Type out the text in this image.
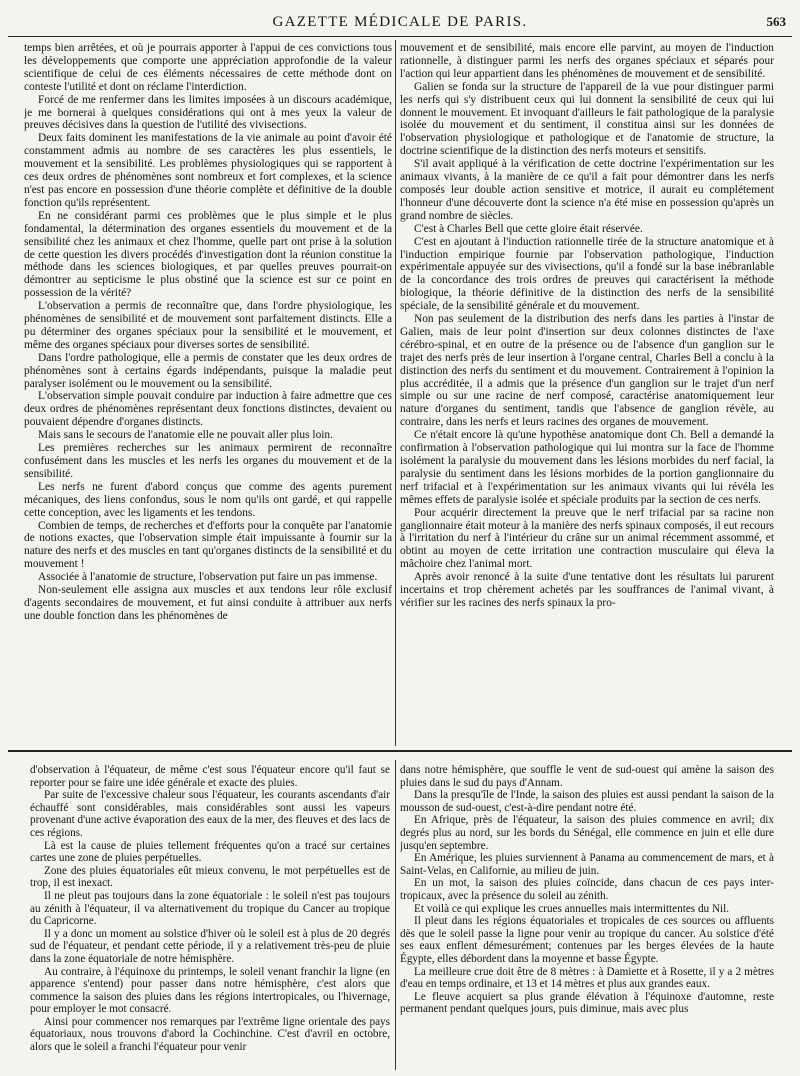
GAZETTE MÉDICALE DE PARIS.	563

temps bien arrêtées, et où je pourrais apporter à l'appui de ces convictions tous les développements que comporte une appréciation approfondie de la valeur scientifique de celui de ces éléments nécessaires de cette méthode dont on conteste l'utilité et dont on réclame l'interdiction.

Forcé de me renfermer dans les limites imposées à un discours académique, je me bornerai à quelques considérations qui ont à mes yeux la valeur de preuves décisives dans la question de l'utilité des vivisections.

Deux faits dominent les manifestations de la vie animale au point d'avoir été constamment admis au nombre de ses caractères les plus essentiels, le mouvement et la sensibilité. Les problèmes physiologiques qui se rapportent à ces deux ordres de phénomènes sont nombreux et fort complexes, et la science n'est pas encore en possession d'une théorie complète et définitive de la double fonction qu'ils représentent.

En ne considérant parmi ces problèmes que le plus simple et le plus fondamental, la détermination des organes essentiels du mouvement et de la sensibilité chez les animaux et chez l'homme, quelle part ont prise à la solution de cette question les divers procédés d'investigation dont la réunion constitue la méthode dans les sciences biologiques, et par quelles preuves pourrait-on démontrer au septicisme le plus obstiné que la science est sur ce point en possession de la vérité?

L'observation a permis de reconnaître que, dans l'ordre physiologique, les phénomènes de sensibilité et de mouvement sont parfaitement distincts. Elle a pu déterminer des organes spéciaux pour la sensibilité et le mouvement, et même des organes spéciaux pour diverses sortes de sensibilité.

Dans l'ordre pathologique, elle a permis de constater que les deux ordres de phénomènes sont à certains égards indépendants, puisque la maladie peut paralyser isolément ou le mouvement ou la sensibilité.

L'observation simple pouvait conduire par induction à faire admettre que ces deux ordres de phénomènes représentant deux fonctions distinctes, devaient ou pouvaient dépendre d'organes distincts.

Mais sans le secours de l'anatomie elle ne pouvait aller plus loin.

Les premières recherches sur les animaux permirent de reconnaître confusément dans les muscles et les nerfs les organes du mouvement et de la sensibilité.

Les nerfs ne furent d'abord conçus que comme des agents purement mécaniques, des liens confondus, sous le nom qu'ils ont gardé, et qui rappelle cette conception, avec les ligaments et les tendons.

Combien de temps, de recherches et d'efforts pour la conquête par l'anatomie de notions exactes, que l'observation simple était impuissante à fournir sur la nature des nerfs et des muscles en tant qu'organes distincts de la sensibilité et du mouvement !

Associée à l'anatomie de structure, l'observation put faire un pas immense.

Non-seulement elle assigna aux muscles et aux tendons leur rôle exclusif d'agents secondaires de mouvement, et fut ainsi conduite à attribuer aux nerfs une double fonction dans les phénomènes de

mouvement et de sensibilité, mais encore elle parvint, au moyen de l'induction rationnelle, à distinguer parmi les nerfs des organes spéciaux et séparés pour l'action qui leur appartient dans les phénomènes de mouvement et de sensibilité.

Galien se fonda sur la structure de l'appareil de la vue pour distinguer parmi les nerfs qui s'y distribuent ceux qui lui donnent la sensibilité de ceux qui lui donnent le mouvement. Et invoquant d'ailleurs le fait pathologique de la paralysie isolée du mouvement et du sentiment, il constitua ainsi sur les données de l'observation physiologique et pathologique et de l'anatomie de structure, la doctrine scientifique de la distinction des nerfs moteurs et sensitifs.

S'il avait appliqué à la vérification de cette doctrine l'expérimentation sur les animaux vivants, à la manière de ce qu'il a fait pour démontrer dans les nerfs composés leur double action sensitive et motrice, il aurait eu complétement l'honneur d'une découverte dont la science n'a été mise en possession qu'après un grand nombre de siècles.

C'est à Charles Bell que cette gloire était réservée.

C'est en ajoutant à l'induction rationnelle tirée de la structure anatomique et à l'induction empirique fournie par l'observation pathologique, l'induction expérimentale appuyée sur des vivisections, qu'il a fondé sur la base inébranlable de la concordance des trois ordres de preuves qui caractérisent la méthode biologique, la théorie définitive de la distinction des nerfs de la sensibilité spéciale, de la sensibilité générale et du mouvement.

Non pas seulement de la distribution des nerfs dans les parties à l'instar de Galien, mais de leur point d'insertion sur deux colonnes distinctes de l'axe cérébro-spinal, et en outre de la présence ou de l'absence d'un ganglion sur le trajet des nerfs près de leur insertion à l'organe central, Charles Bell a conclu à la distinction des nerfs du sentiment et du mouvement. Contrairement à l'opinion la plus accréditée, il a admis que la présence d'un ganglion sur le trajet d'un nerf simple ou sur une racine de nerf composé, caractérise anatomiquement leur nature d'organes du sentiment, tandis que l'absence de ganglion révèle, au contraire, dans les nerfs et leurs racines des organes de mouvement.

Ce n'était encore là qu'une hypothèse anatomique dont Ch. Bell a demandé la confirmation à l'observation pathologique qui lui montra sur la face de l'homme isolément la paralysie du mouvement dans les lésions morbides du nerf facial, la paralysie du sentiment dans les lésions morbides de la portion ganglionnaire du nerf trifacial et à l'expérimentation sur les animaux vivants qui lui révéla les mêmes effets de paralysie isolée et spéciale produits par la section de ces nerfs.

Pour acquérir directement la preuve que le nerf trifacial par sa racine non ganglionnaire était moteur à la manière des nerfs spinaux composés, il eut recours à l'irritation du nerf à l'intérieur du crâne sur un animal récemment assommé, et obtint au moyen de cette irritation une contraction musculaire qui éleva la mâchoire chez l'animal mort.

Après avoir renoncé à la suite d'une tentative dont les résultats lui parurent incertains et trop chèrement achetés par les souffrances de l'animal vivant, à vérifier sur les racines des nerfs spinaux la pro-

d'observation à l'équateur, de même c'est sous l'équateur encore qu'il faut se reporter pour se faire une idée générale et exacte des pluies.

Par suite de l'excessive chaleur sous l'équateur, les courants ascendants d'air échauffé sont considérables, mais considérables sont aussi les vapeurs provenant d'une active évaporation des eaux de la mer, des fleuves et des lacs de ces régions.

Là est la cause de pluies tellement fréquentes qu'on a tracé sur certaines cartes une zone de pluies perpétuelles.

Zone des pluies équatoriales eût mieux convenu, le mot perpétuelles est de trop, il est inexact.

Il ne pleut pas toujours dans la zone équatoriale : le soleil n'est pas toujours au zénith à l'équateur, il va alternativement du tropique du Cancer au tropique du Capricorne.

Il y a donc un moment au solstice d'hiver où le soleil est à plus de 20 degrés sud de l'équateur, et pendant cette période, il y a relativement très-peu de pluie dans la zone équatoriale de notre hémisphère.

Au contraire, à l'équinoxe du printemps, le soleil venant franchir la ligne (en apparence s'entend) pour passer dans notre hémisphère, c'est alors que commence la saison des pluies dans les régions intertropicales, ou l'hivernage, pour employer le mot consacré.

Ainsi pour commencer nos remarques par l'extrême ligne orientale des pays équatoriaux, nous trouvons d'abord la Cochinchine. C'est d'avril en octobre, alors que le soleil a franchi l'équateur pour venir

dans notre hémisphère, que souffle le vent de sud-ouest qui amène la saison des pluies dans le sud du pays d'Annam.

Dans la presqu'île de l'Inde, la saison des pluies est aussi pendant la saison de la mousson de sud-ouest, c'est-à-dire pendant notre été.

En Afrique, près de l'équateur, la saison des pluies commence en avril; dix degrés plus au nord, sur les bords du Sénégal, elle commence en juin et elle dure jusqu'en septembre.

En Amérique, les pluies surviennent à Panama au commencement de mars, et à Saint-Velas, en Californie, au milieu de juin.

En un mot, la saison des pluies coïncide, dans chacun de ces pays inter-tropicaux, avec la présence du soleil au zénith.

Et voilà ce qui explique les crues annuelles mais intermittentes du Nil.

Il pleut dans les régions équatoriales et tropicales de ces sources ou affluents dès que le soleil passe la ligne pour venir au tropique du cancer. Au solstice d'été ses eaux enflent démesurément; contenues par les berges élevées de la haute Égypte, elles débordent dans la moyenne et basse Égypte.

La meilleure crue doit être de 8 mètres : à Damiette et à Rosette, il y a 2 mètres d'eau en temps ordinaire, et 13 et 14 mètres et plus aux grandes eaux.

Le fleuve acquiert sa plus grande élévation à l'équinoxe d'automne, reste permanent pendant quelques jours, puis diminue, mais avec plus
